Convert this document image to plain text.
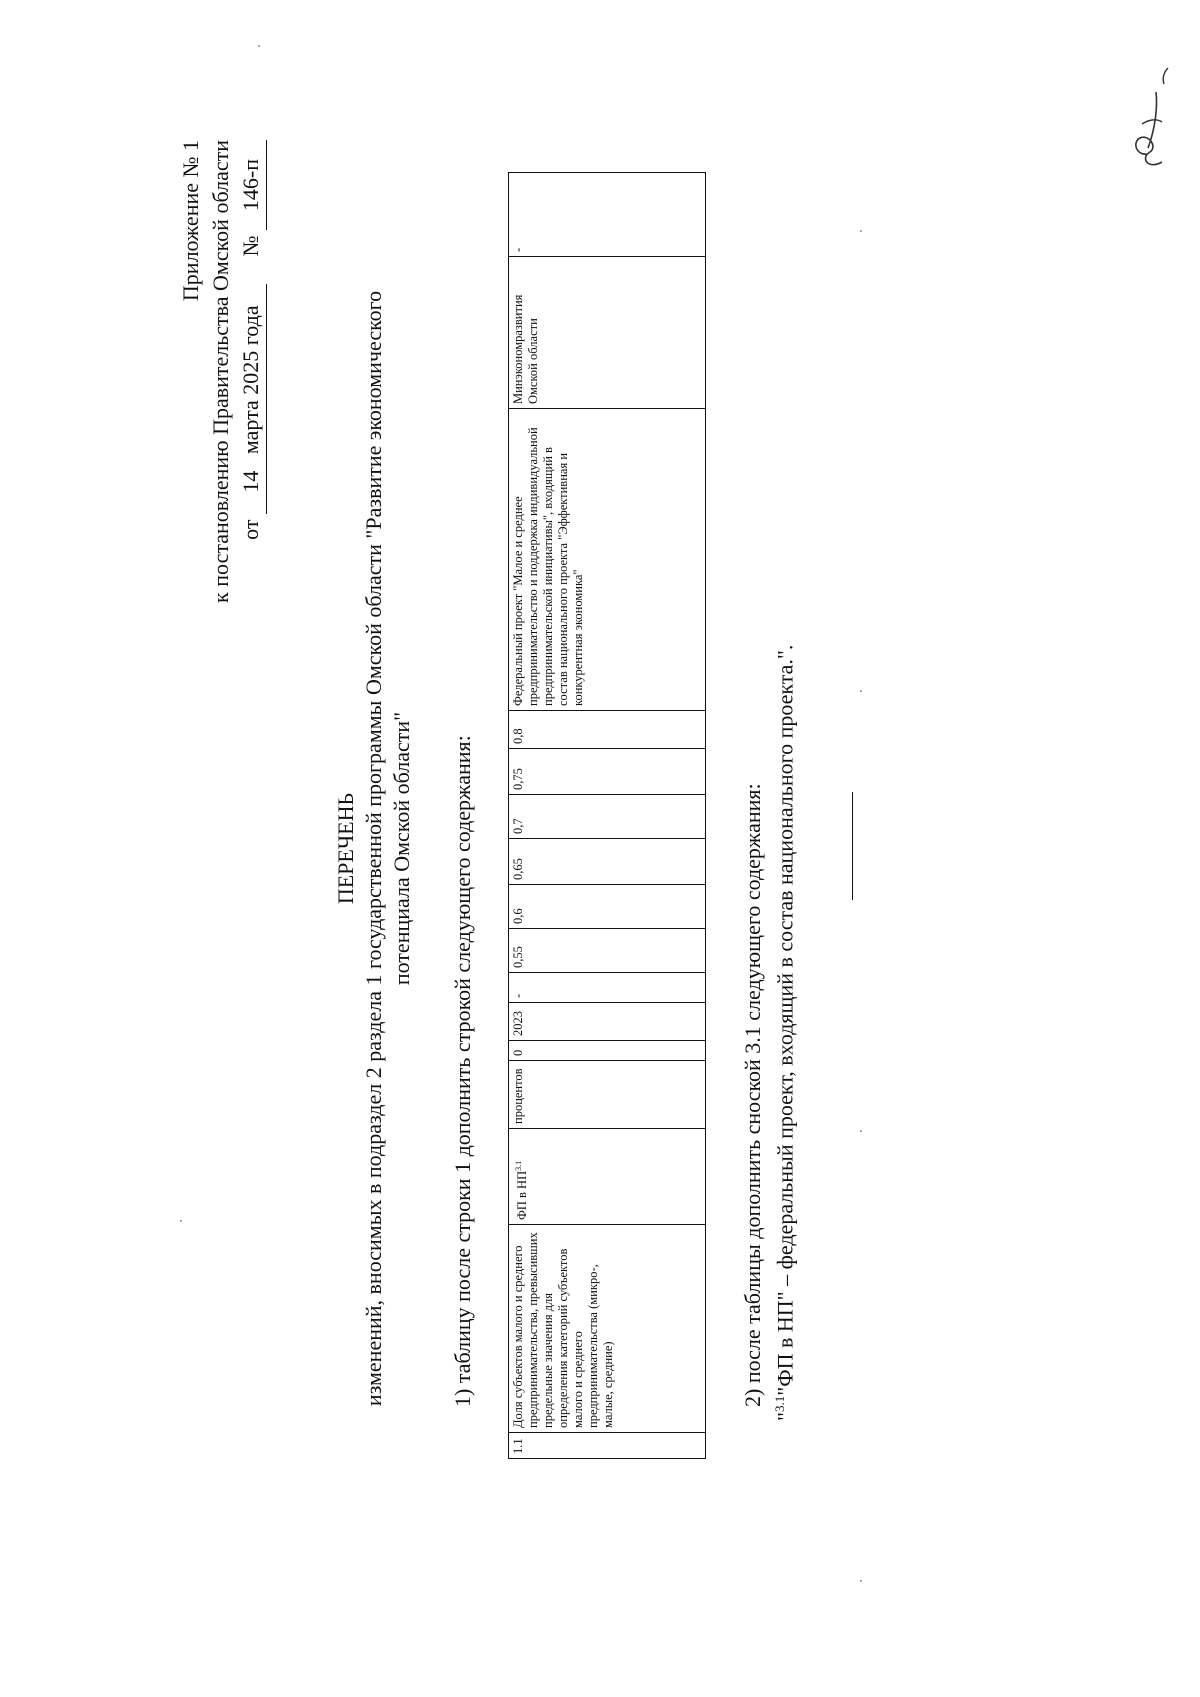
Приложение № 1 к постановлению Правительства Омской области от 14   марта 2025 года     № 146-п
ПЕРЕЧЕНЬ изменений, вносимых в подраздел 2 раздела 1 государственной программы Омской области "Развитие экономического потенциала Омской области" 1) таблицу после строки 1 дополнить строкой следующего содержания:
1.1	Доля субъектов малого и среднего предпринимательства, превысивших предельные значения для определения категорий субъектов малого и среднего предпринимательства (микро-, малые, средние)	ФП в $НП^{3.1}$	процентов	0	2023	-	0,55	0,6	0,65	0,7	0,75	0,8	Федеральный проект "Малое и среднее предпринимательство и поддержка индивидуальной предпринимательской инициативы", входящий в состав национального проекта "Эффективная и конкурентная экономика"	Минэкономразвития Омской области	-
2) после таблицы дополнить сноской 3.1 следующего содержания:
"$^{3.1}$"ФП в НП" – федеральный проект, входящий в состав национального проекта.".
